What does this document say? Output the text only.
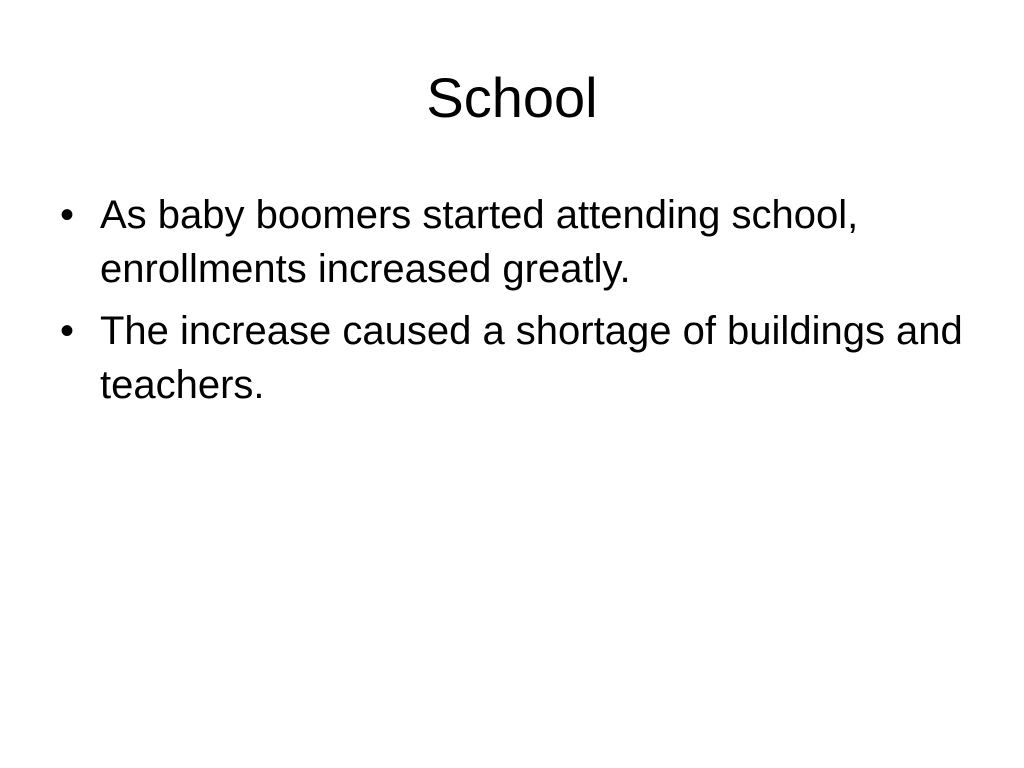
School
• As baby boomers started attending school, enrollments increased greatly.
• The increase caused a shortage of buildings and teachers.
